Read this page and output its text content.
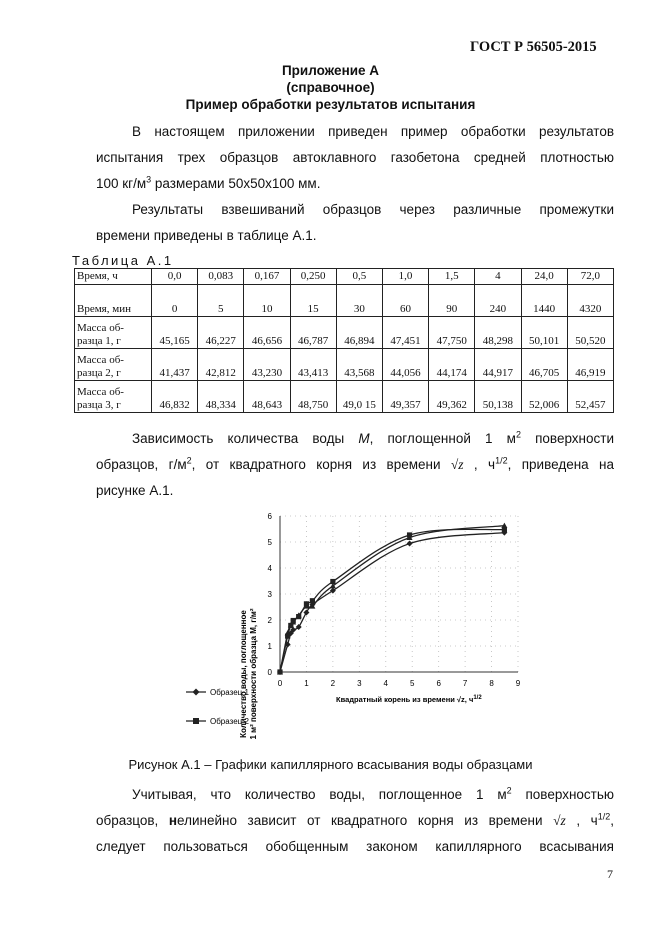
ГОСТ Р 56505-2015
Приложение А
(справочное)
Пример обработки результатов испытания
В настоящем приложении приведен пример обработки результатов
испытания трех образцов автоклавного газобетона средней плотностью
100 $кг/м^3$ размерами 50х50х100 мм.
Результаты взвешиваний образцов через различные промежутки
времени приведены в таблице А.1.
Таблица А.1
Время, ч	0,0	0,083	0,167	0,250	0,5	1,0	1,5	4	24,0	72,0
Время, мин	0	5	10	15	30	60	90	240	1440	4320
Масса об-разца 1, г	45,165	46,227	46,656	46,787	46,894	47,451	47,750	48,298	50,101	50,520
Масса об-разца 2, г	41,437	42,812	43,230	43,413	43,568	44,056	44,174	44,917	46,705	46,919
Масса об-разца 3, г	46,832	48,334	48,643	48,750	49,0 15	49,357	49,362	50,138	52,006	52,457
Зависимость количества воды M, поглощенной 1 $м^2$ поверхности
образцов, $г/м^2$, от квадратного корня из времени √z , $ч^{1/2}$, приведена на
рисунке А.1.
0	1	2	3	4	5	6	7	8	9
0
1
2
3
4
5
6
Количество воды, поглощенное 1 м² поверхности образца M, г/м²	Квадратный корень из времени √z, $ч^{1/2}$
Образец 1
Образец 2
Рисунок А.1 – Графики капиллярного всасывания воды образцами
Учитывая, что количество воды, поглощенное 1 $м^2$ поверхностью
образцов, нелинейно зависит от квадратного корня из времени √z , $ч^{1/2}$,
следует пользоваться обобщенным законом капиллярного всасывания
7
